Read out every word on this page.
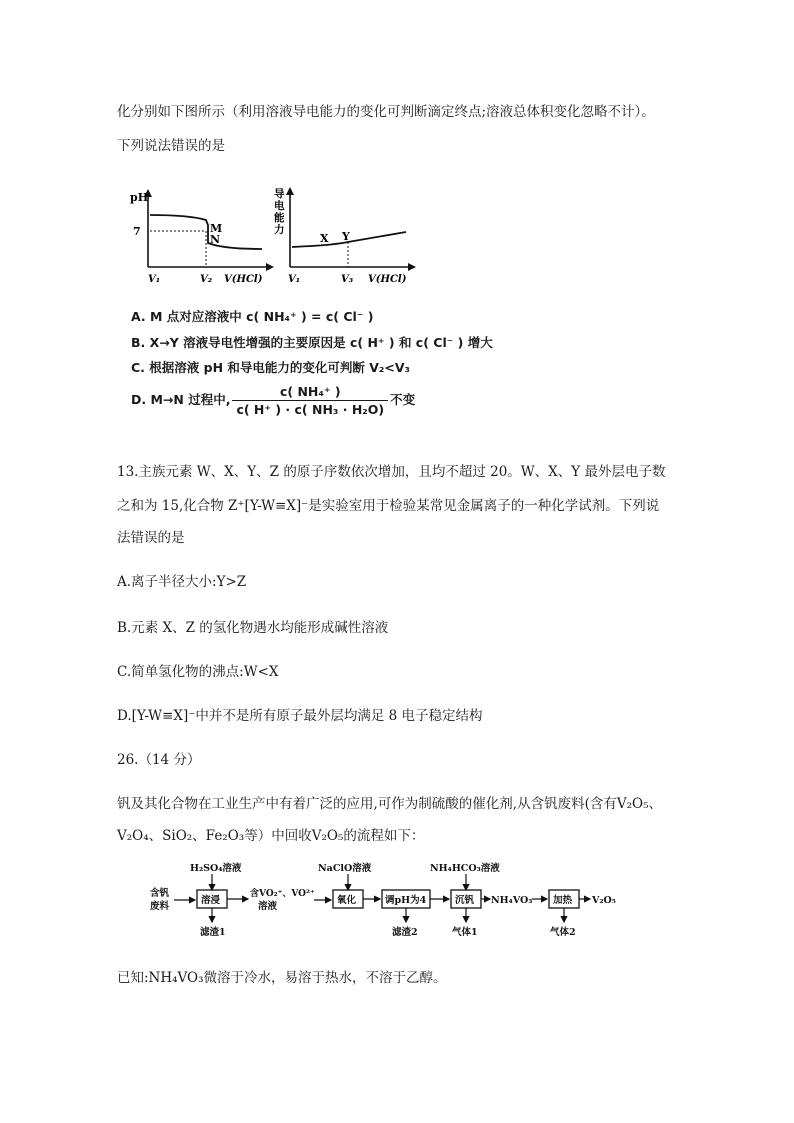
化分别如下图所示（利用溶液导电能力的变化可判断滴定终点;溶液总体积变化忽略不计）。
下列说法错误的是
pH
7	M
N
V₁	V₂ V(HCl)
导
电
能
力
X Y
V₁	V₃ V(HCl)
A. M 点对应溶液中 c( NH₄⁺ ) = c( Cl⁻ )
B. X→Y 溶液导电性增强的主要原因是 c( H⁺ ) 和 c( Cl⁻ ) 增大
C. 根据溶液 pH 和导电能力的变化可判断 V₂<V₃
D. M→N 过程中, $\frac{\text{c( NH₄⁺ )}}{\text{c( H⁺ ) · c( NH₃ · H₂O)}}$ 不变
13.主族元素 W、X、Y、Z 的原子序数依次增加，且均不超过 20。W、X、Y 最外层电子数
之和为 15,化合物 Z⁺[Y-W≡X]⁻是实验室用于检验某常见金属离子的一种化学试剂。下列说
法错误的是
A.离子半径大小:Y>Z
B.元素 X、Z 的氢化物遇水均能形成碱性溶液
C.简单氢化物的沸点:W<X
D.[Y-W≡X]⁻中并不是所有原子最外层均满足 8 电子稳定结构
26.（14 分）
钒及其化合物在工业生产中有着广泛的应用,可作为制硫酸的催化剂,从含钒废料(含有V₂O₅、
V₂O₄、SiO₂、Fe₂O₃等）中回收V₂O₅的流程如下：
含钒
废料
H₂SO₄溶液
溶浸
滤渣1
含VO₂⁺、VO²⁺
溶液
NaClO溶液
氧化	调pH为4
滤渣2
NH₄HCO₃溶液
沉钒
气体1
NH₄VO₃ 加热
气体2
V₂O₅
已知:NH₄VO₃微溶于冷水，易溶于热水，不溶于乙醇。
